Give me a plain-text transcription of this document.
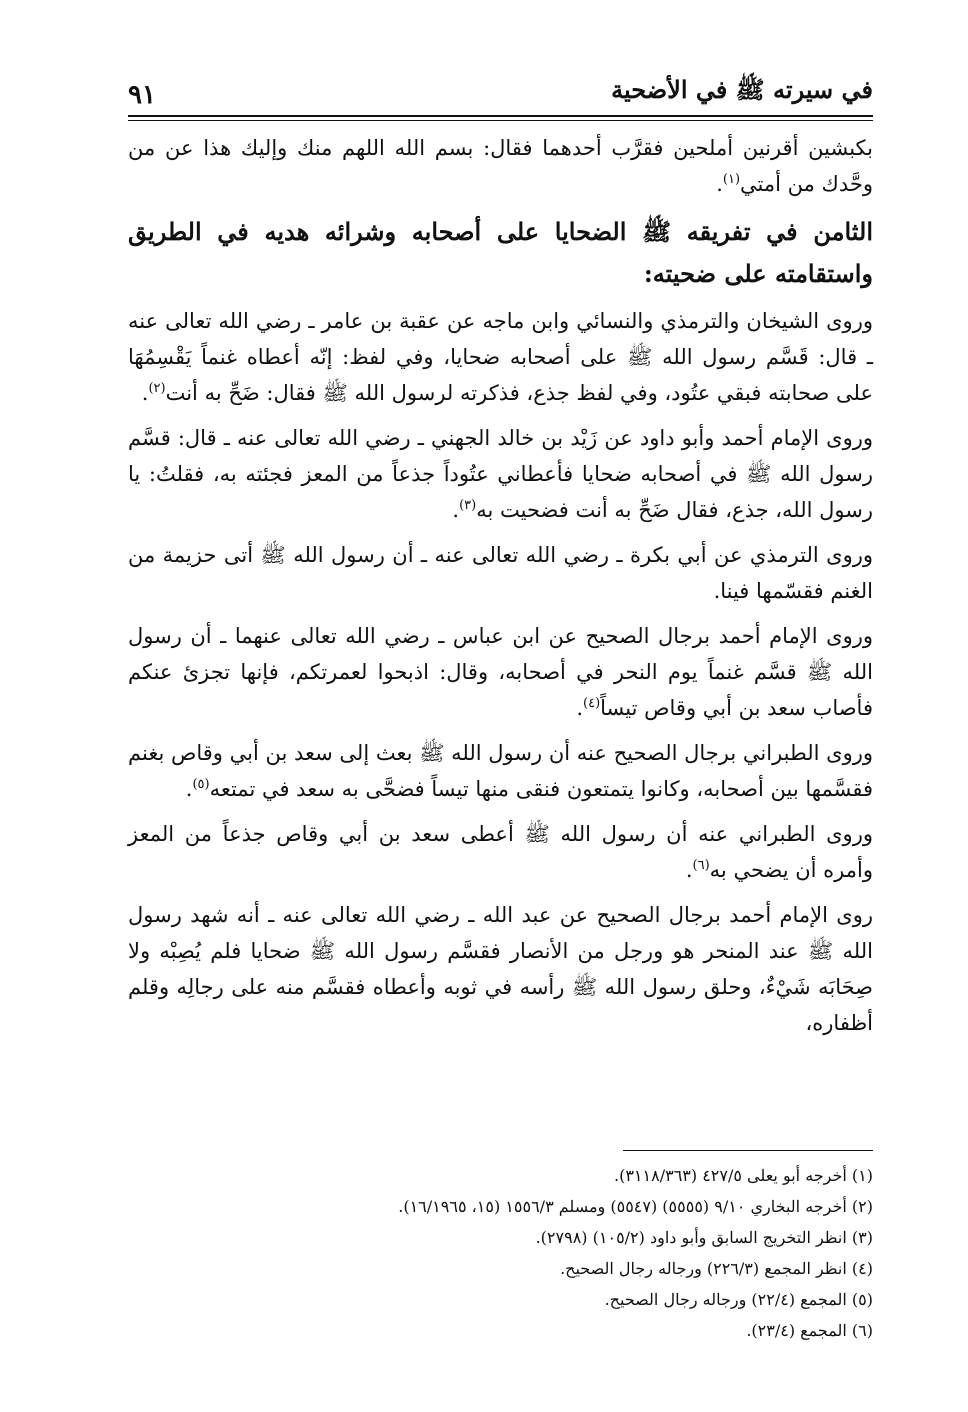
٩١	في سيرته ﷺ في الأضحية

بكبشين أقرنين أملحين فقرَّب أحدهما فقال: بسم الله اللهم منك وإليك هذا عن من وحَّدك من أمتي$^{(١)}$.

الثامن في تفريقه ﷺ الضحايا على أصحابه وشرائه هديه في الطريق واستقامته على ضحيته:

وروى الشيخان والترمذي والنسائي وابن ماجه عن عقبة بن عامر ـ رضي الله تعالى عنه ـ قال: قَسَّم رسول الله ﷺ على أصحابه ضحايا، وفي لفظ: إنّه أعطاه غنماً يَقْسِمُهَا على صحابته فبقي عتُود، وفي لفظ جذع، فذكرته لرسول الله ﷺ فقال: ضَحِّ به أنت$^{(٢)}$.

وروى الإمام أحمد وأبو داود عن زَيْد بن خالد الجهني ـ رضي الله تعالى عنه ـ قال: قسَّم رسول الله ﷺ في أصحابه ضحايا فأعطاني عتُوداً جذعاً من المعز فجئته به، فقلتُ: يا رسول الله، جذع، فقال ضَحِّ به أنت فضحيت به$^{(٣)}$.

وروى الترمذي عن أبي بكرة ـ رضي الله تعالى عنه ـ أن رسول الله ﷺ أتى حزيمة من الغنم فقسّمها فينا.

وروى الإمام أحمد برجال الصحيح عن ابن عباس ـ رضي الله تعالى عنهما ـ أن رسول الله ﷺ قسَّم غنماً يوم النحر في أصحابه، وقال: اذبحوا لعمرتكم، فإنها تجزئ عنكم فأصاب سعد بن أبي وقاص تيساً$^{(٤)}$.

وروى الطبراني برجال الصحيح عنه أن رسول الله ﷺ بعث إلى سعد بن أبي وقاص بغنم فقسَّمها بين أصحابه، وكانوا يتمتعون فنقى منها تيساً فضحَّى به سعد في تمتعه$^{(٥)}$.

وروى الطبراني عنه أن رسول الله ﷺ أعطى سعد بن أبي وقاص جذعاً من المعز وأمره أن يضحي به$^{(٦)}$.

روى الإمام أحمد برجال الصحيح عن عبد الله ـ رضي الله تعالى عنه ـ أنه شهد رسول الله ﷺ عند المنحر هو ورجل من الأنصار فقسَّم رسول الله ﷺ ضحايا فلم يُصِبْه ولا صِحَابَه شَيْءٌ، وحلق رسول الله ﷺ رأسه في ثوبه وأعطاه فقسَّم منه على رجالِه وقلم أظفاره،

(١) أخرجه أبو يعلى ٤٢٧/٥ (٣١١٨/٣٦٣).

(٢) أخرجه البخاري ٩/١٠ (٥٥٥٥) (٥٥٤٧) ومسلم ١٥٥٦/٣ (١٥، ١٦/١٩٦٥).

(٣) انظر التخريج السابق وأبو داود (١٠٥/٢) (٢٧٩٨).

(٤) انظر المجمع (٢٢٦/٣) ورجاله رجال الصحيح.

(٥) المجمع (٢٢/٤) ورجاله رجال الصحيح.

(٦) المجمع (٢٣/٤).
